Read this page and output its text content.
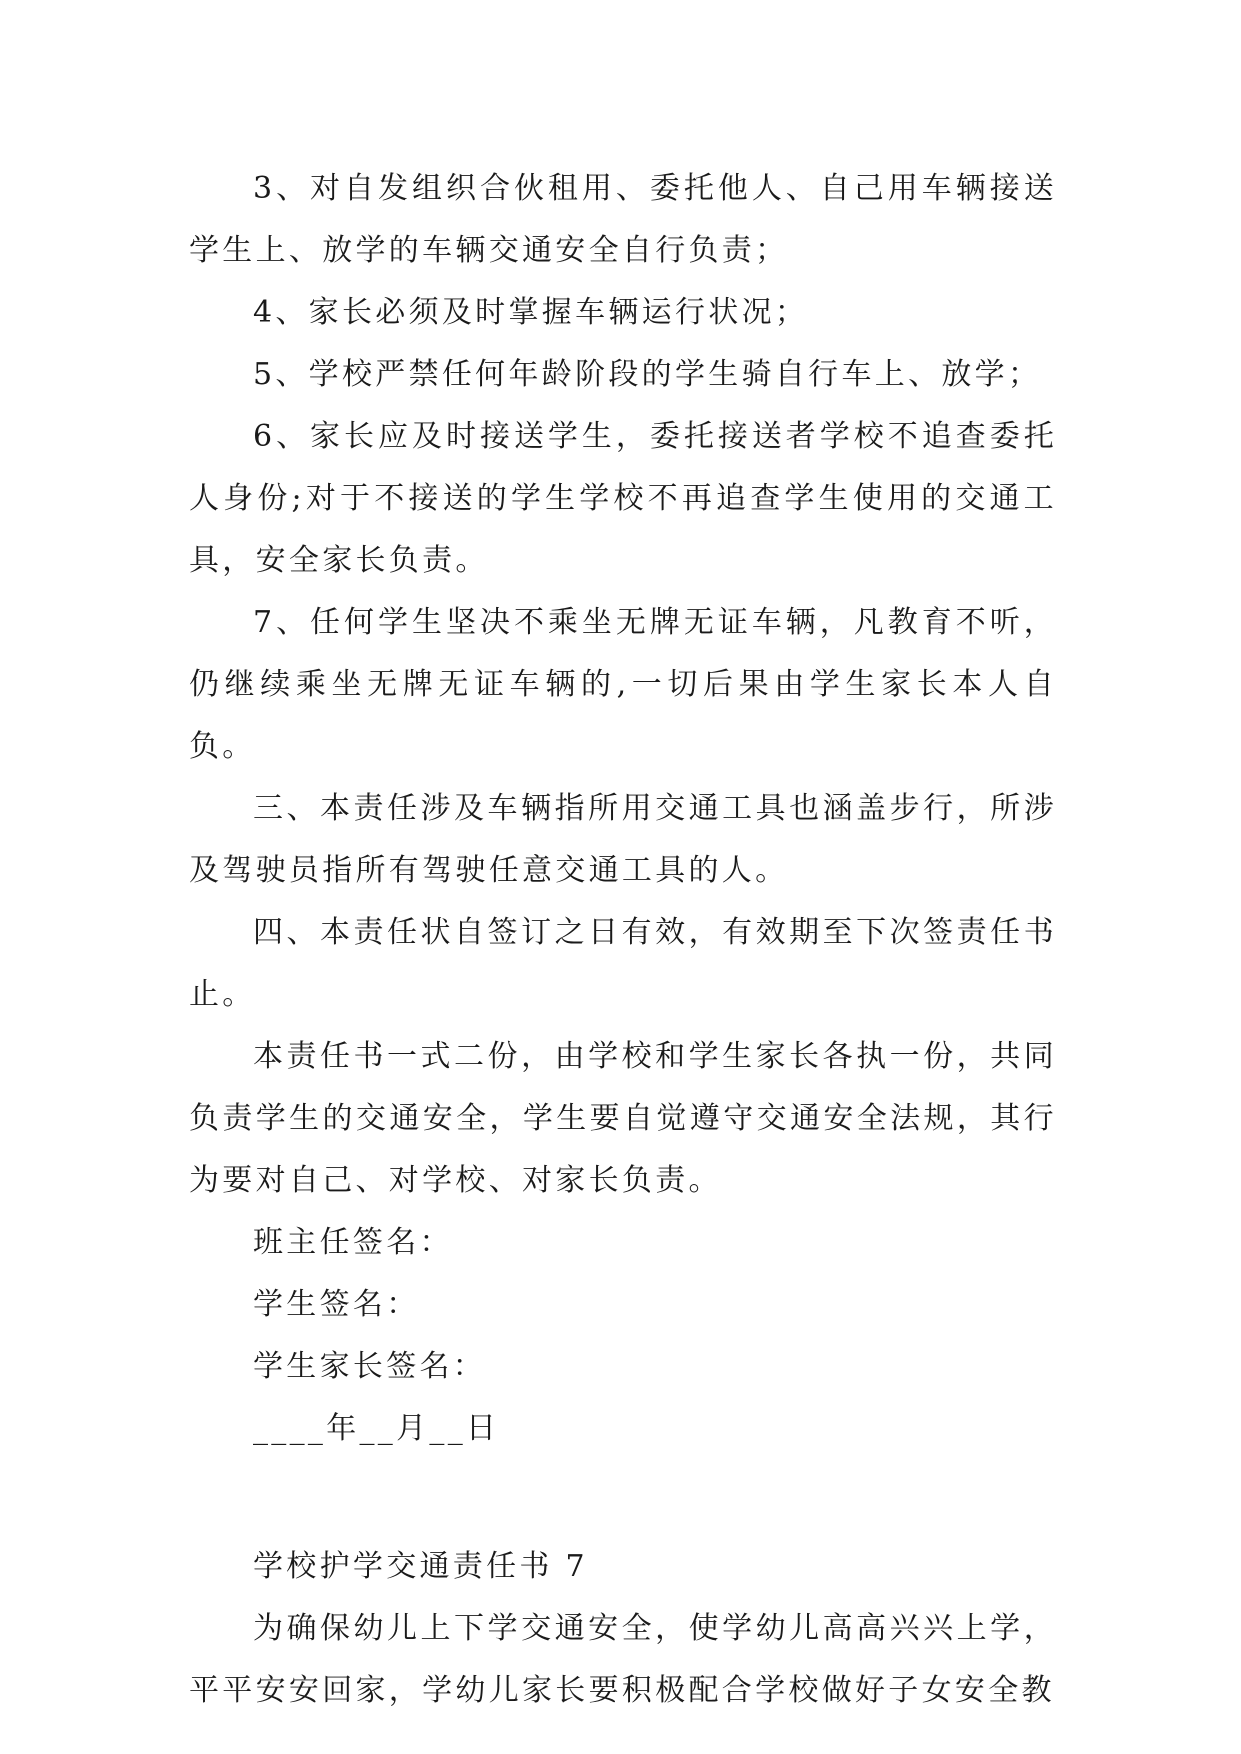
3、对自发组织合伙租用、委托他人、自己用车辆接送学生上、放学的车辆交通安全自行负责；

4、家长必须及时掌握车辆运行状况；

5、学校严禁任何年龄阶段的学生骑自行车上、放学；

6、家长应及时接送学生，委托接送者学校不追查委托人身份;对于不接送的学生学校不再追查学生使用的交通工具，安全家长负责。

7、任何学生坚决不乘坐无牌无证车辆，凡教育不听，仍继续乘坐无牌无证车辆的,一切后果由学生家长本人自负。

三、本责任涉及车辆指所用交通工具也涵盖步行，所涉及驾驶员指所有驾驶任意交通工具的人。

四、本责任状自签订之日有效，有效期至下次签责任书止。

本责任书一式二份，由学校和学生家长各执一份，共同负责学生的交通安全，学生要自觉遵守交通安全法规，其行为要对自己、对学校、对家长负责。

班主任签名：

学生签名：

学生家长签名：

____年__月__日

学校护学交通责任书 7

为确保幼儿上下学交通安全，使学幼儿高高兴兴上学，平平安安回家，学幼儿家长要积极配合学校做好子女安全教
